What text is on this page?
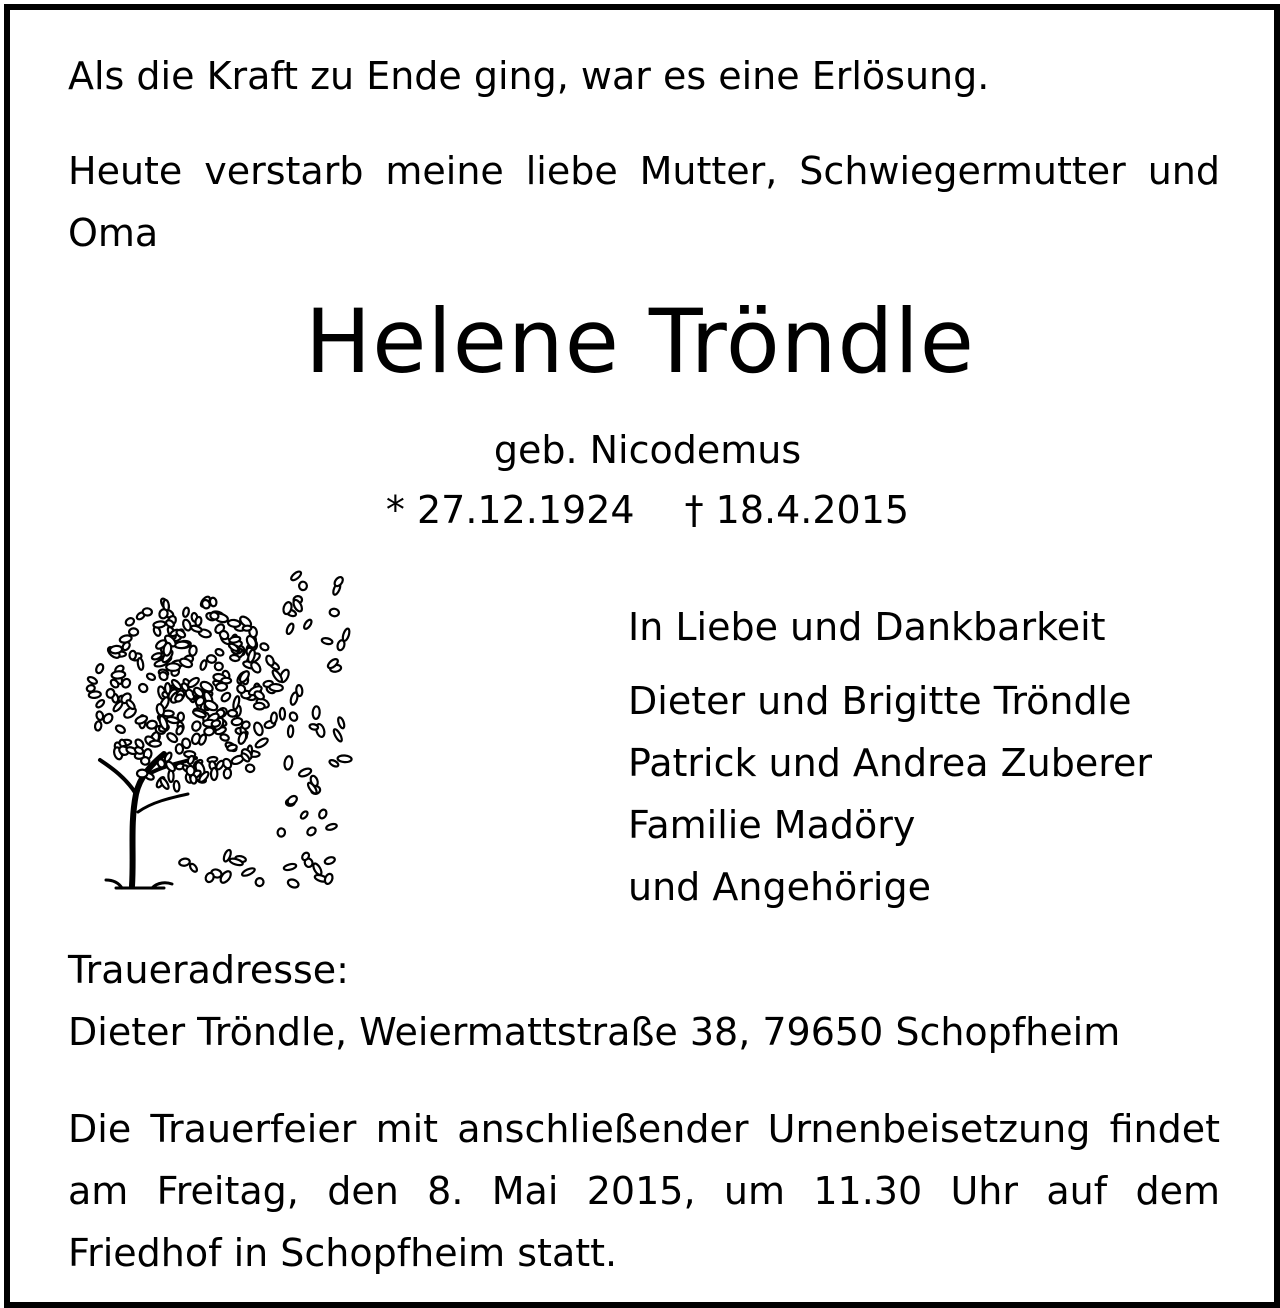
Als die Kraft zu Ende ging, war es eine Erlösung.
Heute verstarb meine liebe Mutter, Schwiegermutter und Oma
Helene Tröndle
geb. Nicodemus
* 27.12.1924 † 18.4.2015
In Liebe und Dankbarkeit
Dieter und Brigitte Tröndle
Patrick und Andrea Zuberer
Familie Madöry
und Angehörige
Traueradresse:
Dieter Tröndle, Weiermattstraße 38, 79650 Schopfheim
Die Trauerfeier mit anschließender Urnenbeisetzung findet am Freitag, den 8. Mai 2015, um 11.30 Uhr auf dem Friedhof in Schopfheim statt.
